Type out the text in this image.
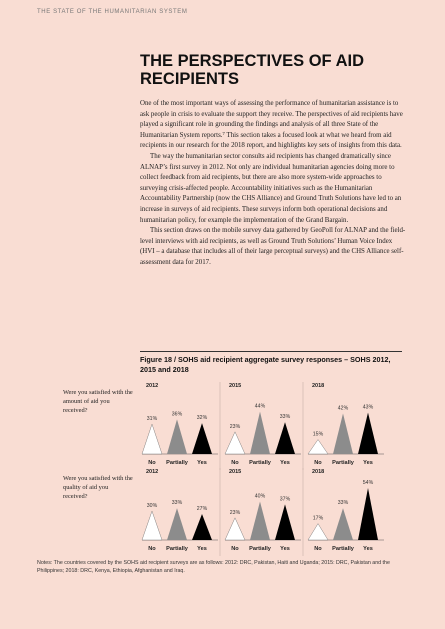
THE STATE OF THE HUMANITARIAN SYSTEM
THE PERSPECTIVES OF AID RECIPIENTS

One of the most important ways of assessing the performance of humanitarian assistance is to ask people in crisis to evaluate the support they receive. The perspectives of aid recipients have played a significant role in grounding the findings and analysis of all three State of the Humanitarian System reports.⁷ This section takes a focused look at what we heard from aid recipients in our research for the 2018 report, and highlights key sets of insights from this data.

The way the humanitarian sector consults aid recipients has changed dramatically since ALNAP’s first survey in 2012. Not only are individual humanitarian agencies doing more to collect feedback from aid recipients, but there are also more system-wide approaches to surveying crisis-affected people. Accountability initiatives such as the Humanitarian Accountability Partnership (now the CHS Alliance) and Ground Truth Solutions have led to an increase in surveys of aid recipients. These surveys inform both operational decisions and humanitarian policy, for example the implementation of the Grand Bargain.

This section draws on the mobile survey data gathered by GeoPoll for ALNAP and the field-level interviews with aid recipients, as well as Ground Truth Solutions’ Human Voice Index (HVI – a database that includes all of their large perceptual surveys) and the CHS Alliance self-assessment data for 2017.

Figure 18 / SOHS aid recipient aggregate survey responses – SOHS 2012, 2015 and 2018
Were you satisfied with the amount of aid you received?
Were you satisfied with the quality of aid you received?
2012
31%
No
36%
Partially
32%
Yes
2015
23%
No
44%
Partially
33%
Yes
2018
15%
No
42%
Partially
43%
Yes
2012
30%
No
33%
Partially
27%
Yes
2015
23%
No
40%
Partially
37%
Yes
2018
17%
No
33%
Partially
54%
Yes
Notes: The countries covered by the SOHS aid recipient surveys are as follows: 2012: DRC, Pakistan, Haiti and Uganda; 2015: DRC, Pakistan and the Philippines; 2018: DRC, Kenya, Ethiopia, Afghanistan and Iraq.
